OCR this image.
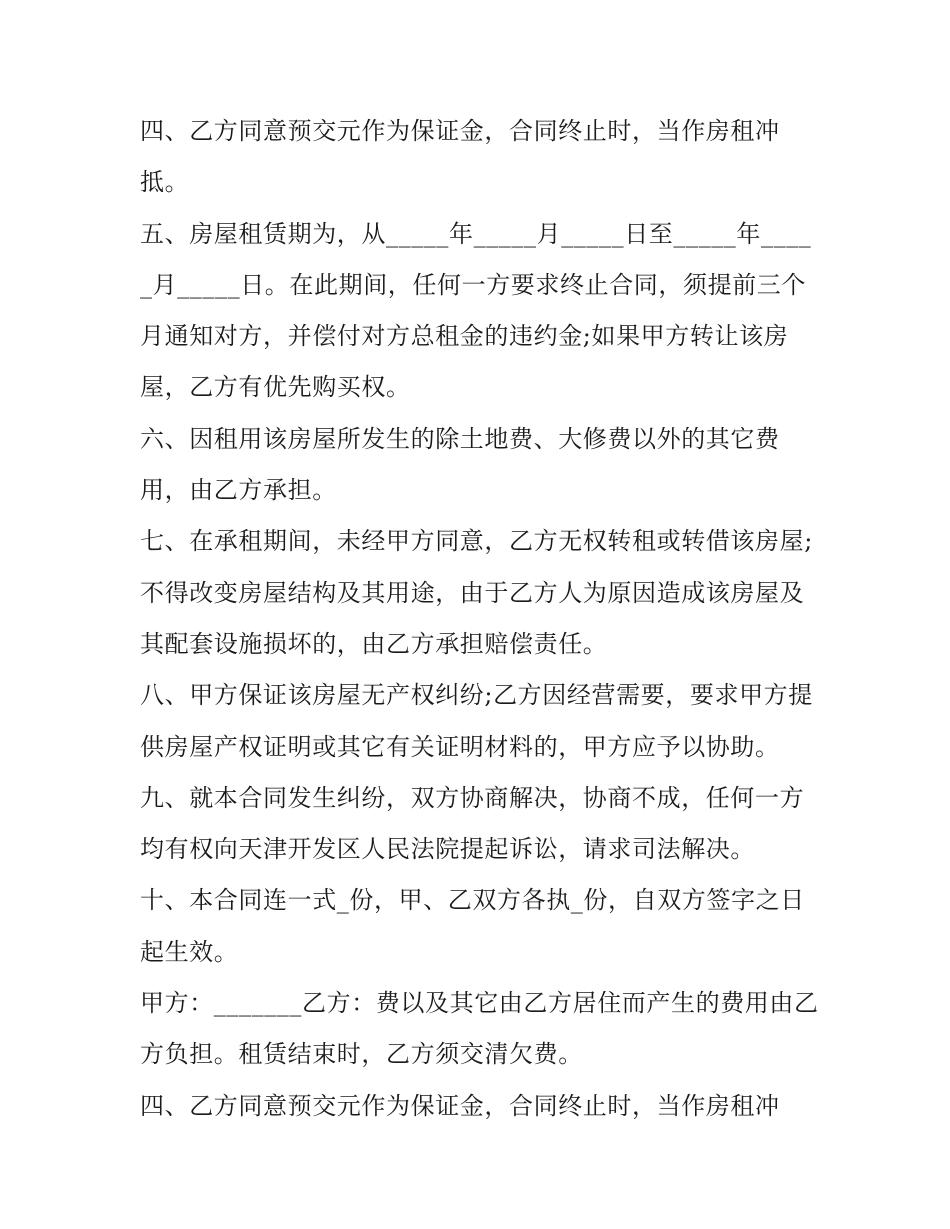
四、乙方同意预交元作为保证金，合同终止时，当作房租冲抵。

五、房屋租赁期为，从_____年_____月_____日至_____年_____月_____日。在此期间，任何一方要求终止合同，须提前三个月通知对方，并偿付对方总租金的违约金;如果甲方转让该房屋，乙方有优先购买权。

六、因租用该房屋所发生的除土地费、大修费以外的其它费用，由乙方承担。

七、在承租期间，未经甲方同意，乙方无权转租或转借该房屋;不得改变房屋结构及其用途，由于乙方人为原因造成该房屋及其配套设施损坏的，由乙方承担赔偿责任。

八、甲方保证该房屋无产权纠纷;乙方因经营需要，要求甲方提供房屋产权证明或其它有关证明材料的，甲方应予以协助。

九、就本合同发生纠纷，双方协商解决，协商不成，任何一方均有权向天津开发区人民法院提起诉讼，请求司法解决。

十、本合同连一式_份，甲、乙双方各执_份，自双方签字之日起生效。

甲方：_______乙方：费以及其它由乙方居住而产生的费用由乙方负担。租赁结束时，乙方须交清欠费。

四、乙方同意预交元作为保证金，合同终止时，当作房租冲
